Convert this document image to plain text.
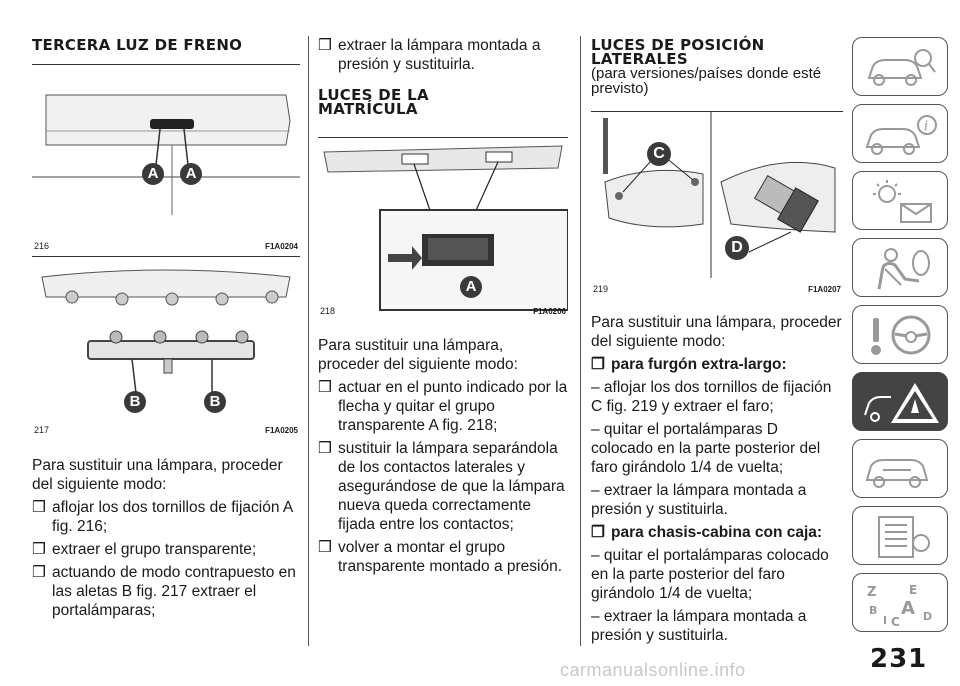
TERCERA LUZ DE FRENO
A	A
216	F1A0204
B	B
217	F1A0205

Para sustituir una lámpara, proceder del siguiente modo:

❒ aflojar los dos tornillos de fijación A fig. 216;
❒ extraer el grupo transparente;
❒ actuando de modo contrapuesto en las aletas B fig. 217 extraer el portalámparas;
❒ extraer la lámpara montada a presión y sustituirla.
LUCES DE LA
MATRÍCULA
A
218	F1A0206

Para sustituir una lámpara, proceder del siguiente modo:

❒ actuar en el punto indicado por la flecha y quitar el grupo transparente A fig. 218;
❒ sustituir la lámpara separándola de los contactos laterales y asegurándose de que la lámpara nueva queda correctamente fijada entre los contactos;
❒ volver a montar el grupo transparente montado a presión.
LUCES DE POSICIÓN
LATERALES
(para versiones/países donde esté
previsto)
C
D
219	F1A0207

Para sustituir una lámpara, proceder del siguiente modo:

❒ para furgón extra-largo:

– aflojar los dos tornillos de fijación C fig. 219 y extraer el faro;

– quitar el portalámparas D colocado en la parte posterior del faro girándolo 1/4 de vuelta;

– extraer la lámpara montada a presión y sustituirla.

❒ para chasis-cabina con caja:

– quitar el portalámparas colocado en la parte posterior del faro girándolo 1/4 de vuelta;

– extraer la lámpara montada a presión y sustituirla.

i
Z	E
B A
I C D
231
carmanualsonline.info
